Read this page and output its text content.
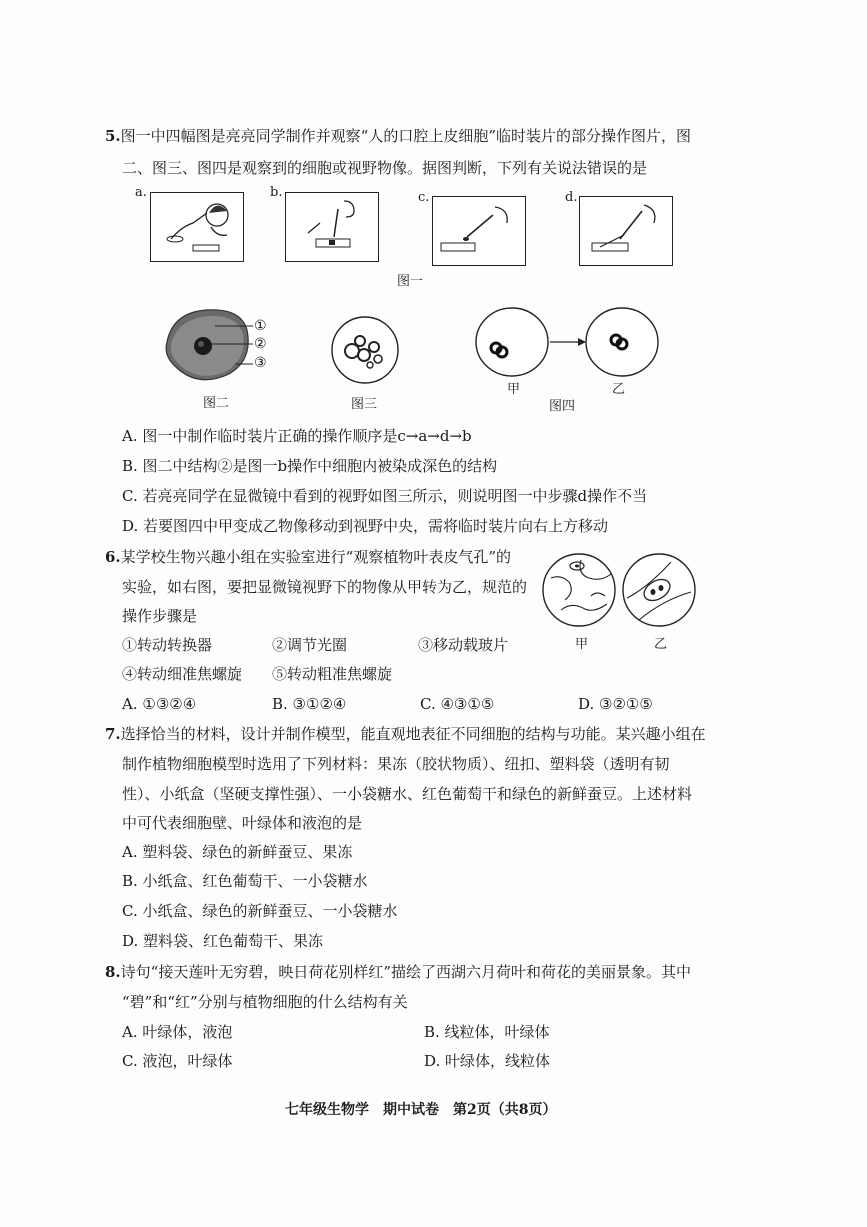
5.图一中四幅图是亮亮同学制作并观察“人的口腔上皮细胞”临时装片的部分操作图片，图
二、图三、图四是观察到的细胞或视野物像。据图判断，下列有关说法错误的是
a.	b.	c.	d.
图一
①
②
③
图二	图三
甲	乙
图四
A. 图一中制作临时装片正确的操作顺序是c→a→d→b
B. 图二中结构②是图一b操作中细胞内被染成深色的结构
C. 若亮亮同学在显微镜中看到的视野如图三所示，则说明图一中步骤d操作不当
D. 若要图四中甲变成乙物像移动到视野中央，需将临时装片向右上方移动
6.某学校生物兴趣小组在实验室进行“观察植物叶表皮气孔”的
实验，如右图，要把显微镜视野下的物像从甲转为乙，规范的
操作步骤是
甲	乙
①转动转换器	②调节光圈	③移动载玻片
④转动细准焦螺旋 ⑤转动粗准焦螺旋
A. ①③②④	B. ③①②④	C. ④③①⑤	D. ③②①⑤
7.选择恰当的材料，设计并制作模型，能直观地表征不同细胞的结构与功能。某兴趣小组在
制作植物细胞模型时选用了下列材料：果冻（胶状物质）、纽扣、塑料袋（透明有韧
性）、小纸盒（坚硬支撑性强）、一小袋糖水、红色葡萄干和绿色的新鲜蚕豆。上述材料
中可代表细胞壁、叶绿体和液泡的是
A. 塑料袋、绿色的新鲜蚕豆、果冻
B. 小纸盒、红色葡萄干、一小袋糖水
C. 小纸盒、绿色的新鲜蚕豆、一小袋糖水
D. 塑料袋、红色葡萄干、果冻
8.诗句“接天莲叶无穷碧，映日荷花别样红”描绘了西湖六月荷叶和荷花的美丽景象。其中
“碧”和“红”分别与植物细胞的什么结构有关
A. 叶绿体，液泡	B. 线粒体，叶绿体
C. 液泡，叶绿体	D. 叶绿体，线粒体
七年级生物学　期中试卷　第2页（共8页）
